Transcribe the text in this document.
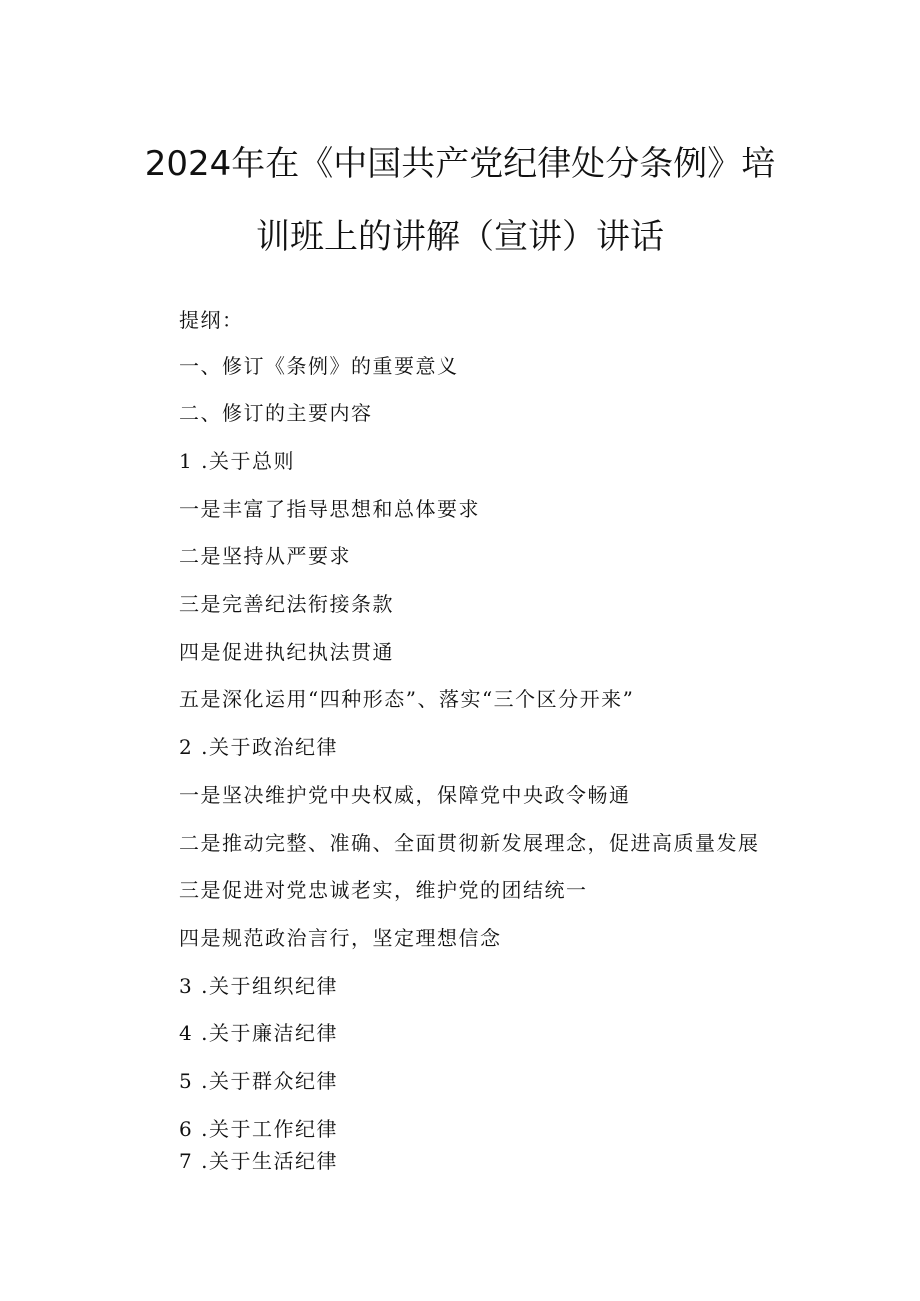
2024年在《中国共产党纪律处分条例》培
训班上的讲解（宣讲）讲话

提纲：

一、修订《条例》的重要意义

二、修订的主要内容

1 .关于总则

一是丰富了指导思想和总体要求

二是坚持从严要求

三是完善纪法衔接条款

四是促进执纪执法贯通

五是深化运用“四种形态”、落实“三个区分开来”

2 .关于政治纪律

一是坚决维护党中央权威，保障党中央政令畅通

二是推动完整、准确、全面贯彻新发展理念，促进高质量发展

三是促进对党忠诚老实，维护党的团结统一

四是规范政治言行，坚定理想信念

3 .关于组织纪律

4 .关于廉洁纪律

5 .关于群众纪律

6 .关于工作纪律

7 .关于生活纪律
